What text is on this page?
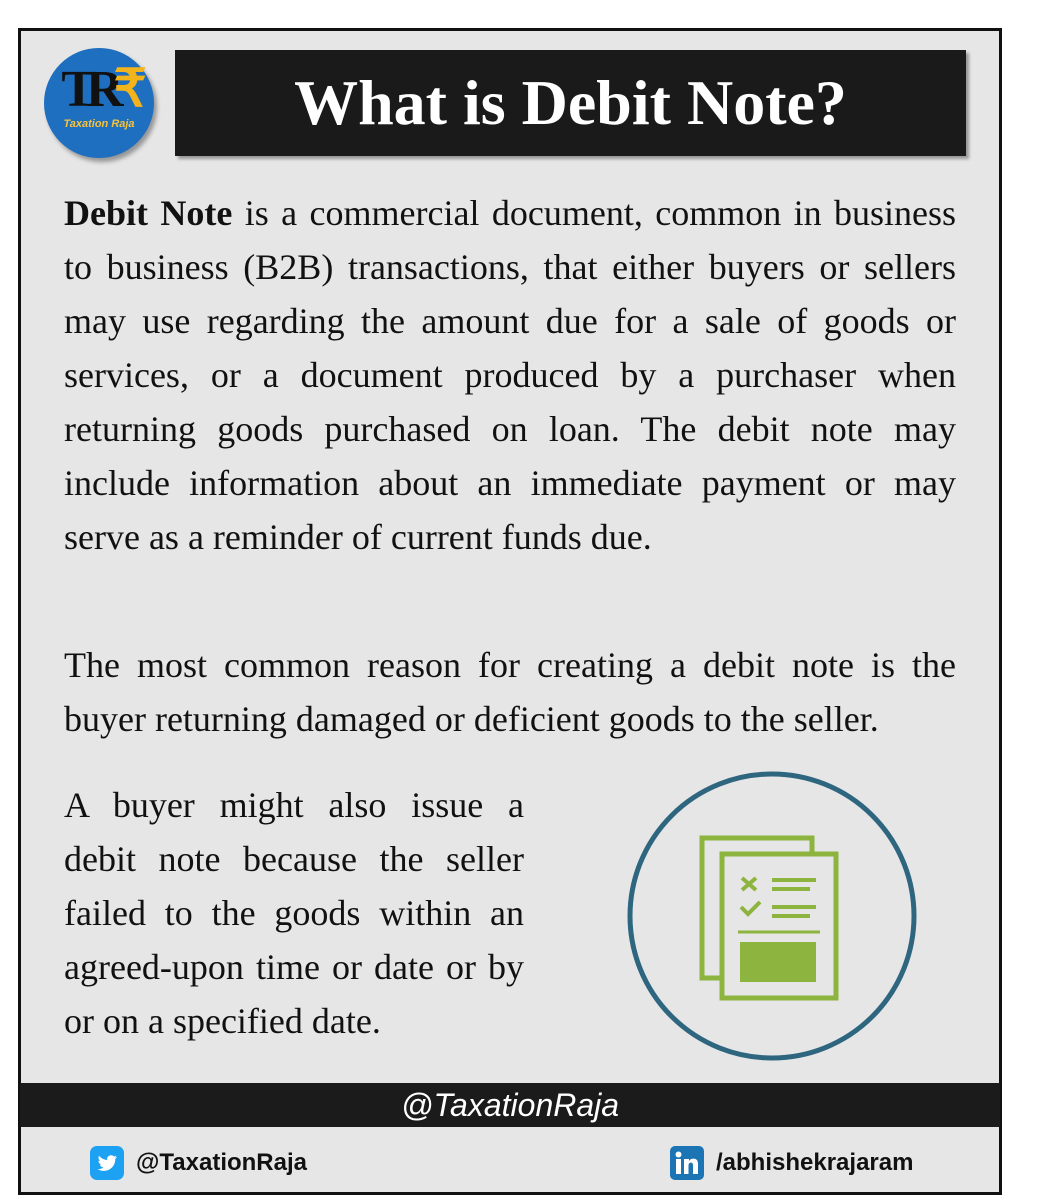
TR₹
Taxation Raja	What is Debit Note?

Debit Note is a commercial document, common in business to business (B2B) transactions, that either buyers or sellers may use regarding the amount due for a sale of goods or services, or a document produced by a purchaser when returning goods purchased on loan. The debit note may include information about an immediate payment or may serve as a reminder of current funds due.

The most common reason for creating a debit note is the buyer returning damaged or deficient goods to the seller.

A buyer might also issue a debit note because the seller failed to the goods within an agreed-upon time or date or by or on a specified date.

@TaxationRaja
@TaxationRaja	/abhishekrajaram
